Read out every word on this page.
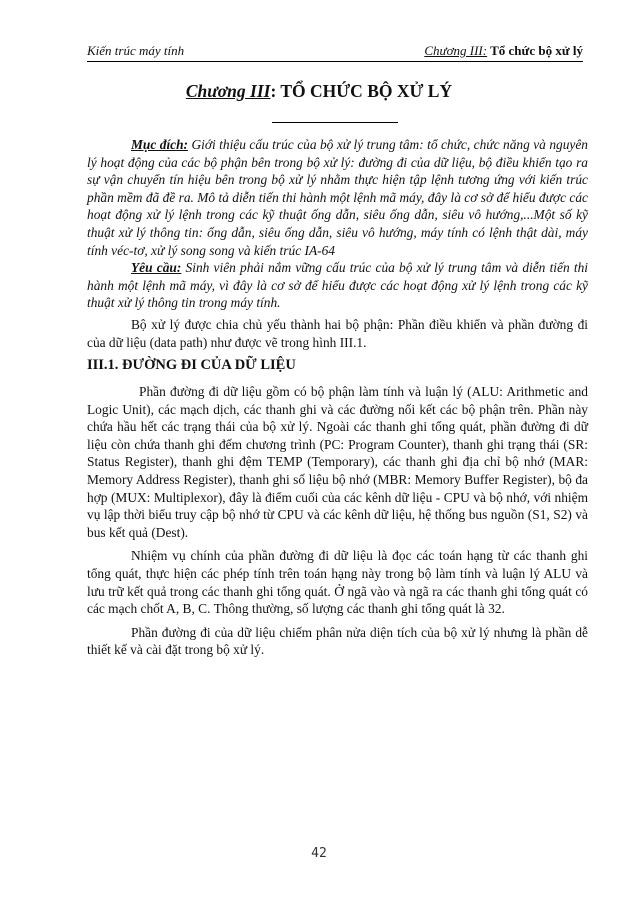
Kiến trúc máy tính	Chương III: Tổ chức bộ xử lý
Chương III: TỔ CHỨC BỘ XỬ LÝ

Mục đích: Giới thiệu cấu trúc của bộ xử lý trung tâm: tổ chức, chức năng và nguyên lý hoạt động của các bộ phận bên trong bộ xử lý: đường đi của dữ liệu, bộ điều khiển tạo ra sự vận chuyển tín hiệu bên trong bộ xử lý nhằm thực hiện tập lệnh tương ứng với kiến trúc phần mềm đã đề ra. Mô tả diễn tiến thi hành một lệnh mã máy, đây là cơ sở để hiểu được các hoạt động xử lý lệnh trong các kỹ thuật ống dẫn, siêu ống dẫn, siêu vô hướng,...Một số kỹ thuật xử lý thông tin: ống dẫn, siêu ống dẫn, siêu vô hướng, máy tính có lệnh thật dài, máy tính véc-tơ, xử lý song song và kiến trúc IA-64

Yêu cầu: Sinh viên phải nắm vững cấu trúc của bộ xử lý trung tâm và diễn tiến thi hành một lệnh mã máy, vì đây là cơ sở để hiểu được các hoạt động xử lý lệnh trong các kỹ thuật xử lý thông tin trong máy tính.

Bộ xử lý được chia chủ yếu thành hai bộ phận: Phần điều khiển và phần đường đi của dữ liệu (data path) như được vẽ trong hình III.1.

III.1. ĐƯỜNG ĐI CỦA DỮ LIỆU

Phần đường đi dữ liệu gồm có bộ phận làm tính và luận lý (ALU: Arithmetic and Logic Unit), các mạch dịch, các thanh ghi và các đường nối kết các bộ phận trên. Phần này chứa hầu hết các trạng thái của bộ xử lý. Ngoài các thanh ghi tổng quát, phần đường đi dữ liệu còn chứa thanh ghi đếm chương trình (PC: Program Counter), thanh ghi trạng thái (SR: Status Register), thanh ghi đệm TEMP (Temporary), các thanh ghi địa chỉ bộ nhớ (MAR: Memory Address Register), thanh ghi số liệu bộ nhớ (MBR: Memory Buffer Register), bộ đa hợp (MUX: Multiplexor), đây là điểm cuối của các kênh dữ liệu - CPU và bộ nhớ, với nhiệm vụ lập thời biểu truy cập bộ nhớ từ CPU và các kênh dữ liệu, hệ thống bus nguồn (S1, S2) và bus kết quả (Dest).

Nhiệm vụ chính của phần đường đi dữ liệu là đọc các toán hạng từ các thanh ghi tổng quát, thực hiện các phép tính trên toán hạng này trong bộ làm tính và luận lý ALU và lưu trữ kết quả trong các thanh ghi tổng quát. Ở ngã vào và ngã ra các thanh ghi tổng quát có các mạch chốt A, B, C. Thông thường, số lượng các thanh ghi tổng quát là 32.

Phần đường đi của dữ liệu chiếm phân nửa diện tích của bộ xử lý nhưng là phần dễ thiết kế và cài đặt trong bộ xử lý.

42
